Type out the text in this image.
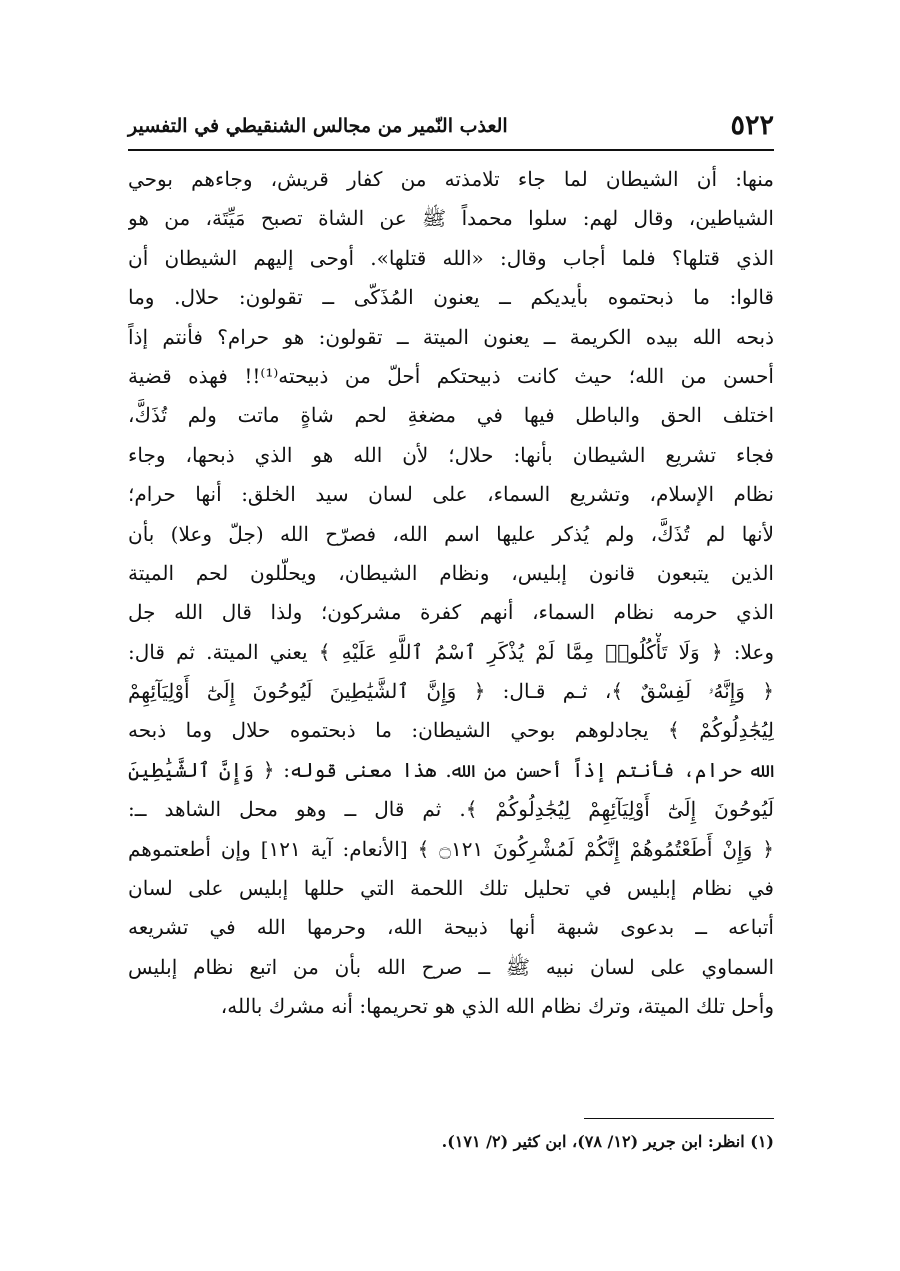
٥٢٢
العذب النّمير من مجالس الشنقيطي في التفسير
منها: أن الشيطان لما جاء تلامذته من كفار قريش، وجاءهم بوحي
الشياطين، وقال لهم: سلوا محمداً ﷺ عن الشاة تصبح مَيِّتَة، من هو
الذي قتلها؟ فلما أجاب وقال: «الله قتلها». أوحى إليهم الشيطان أن
قالوا: ما ذبحتموه بأيديكم ــ يعنون المُذَكّى ــ تقولون: حلال. وما
ذبحه الله بيده الكريمة ــ يعنون الميتة ــ تقولون: هو حرام؟ فأنتم إذاً
أحسن من الله؛ حيث كانت ذبيحتكم أحلّ من ذبيحته⁽¹⁾!! فهذه قضية
اختلف الحق والباطل فيها في مضغةِ لحم شاةٍ ماتت ولم تُذَكَّ،
فجاء تشريع الشيطان بأنها: حلال؛ لأن الله هو الذي ذبحها، وجاء
نظام الإسلام، وتشريع السماء، على لسان سيد الخلق: أنها حرام؛
لأنها لم تُذَكَّ، ولم يُذكر عليها اسم الله، فصرّح الله (جلّ وعلا) بأن
الذين يتبعون قانون إبليس، ونظام الشيطان، ويحلّلون لحم الميتة
الذي حرمه نظام السماء، أنهم كفرة مشركون؛ ولذا قال الله جل
وعلا: ﴿ وَلَا تَأْكُلُوا۟ مِمَّا لَمْ يُذْكَرِ ٱسْمُ ٱللَّهِ عَلَيْهِ ﴾ يعني الميتة. ثم قال:
﴿ وَإِنَّهُۥ لَفِسْقٌ ﴾، ثـم قـال: ﴿ وَإِنَّ ٱلشَّيَٰطِينَ لَيُوحُونَ إِلَىٰٓ أَوْلِيَآئِهِمْ
لِيُجَٰدِلُوكُمْ ﴾ يجادلوهم بوحي الشيطان: ما ذبحتموه حلال وما ذبحه
الله حرام، فأنتم إذاً أحسن من الله. هذا معنى قوله: ﴿ وَإِنَّ ٱلشَّيَٰطِينَ
لَيُوحُونَ إِلَىٰٓ أَوْلِيَآئِهِمْ لِيُجَٰدِلُوكُمْ ﴾. ثم قال ــ وهو محل الشاهد ــ:
﴿ وَإِنْ أَطَعْتُمُوهُمْ إِنَّكُمْ لَمُشْرِكُونَ ۝١٢١ ﴾ [الأنعام: آية ١٢١] وإن أطعتموهم
في نظام إبليس في تحليل تلك اللحمة التي حللها إبليس على لسان
أتباعه ــ بدعوى شبهة أنها ذبيحة الله، وحرمها الله في تشريعه
السماوي على لسان نبيه ﷺ ــ صرح الله بأن من اتبع نظام إبليس
وأحل تلك الميتة، وترك نظام الله الذي هو تحريمها: أنه مشرك بالله،
(١) انظر: ابن جرير (١٢/ ٧٨)، ابن كثير (٢/ ١٧١).
